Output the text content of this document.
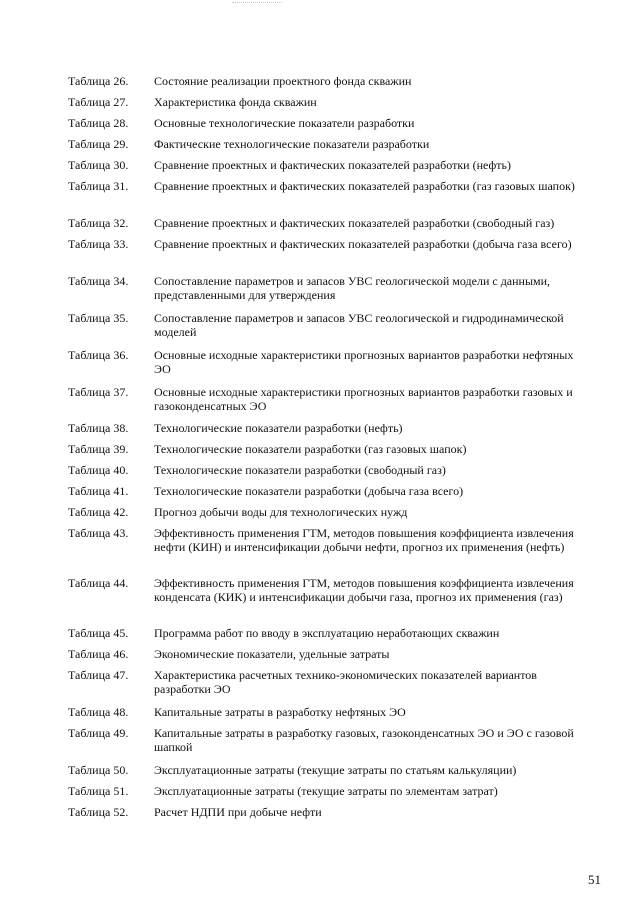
Таблица 26.	Состояние реализации проектного фонда скважин
Таблица 27.	Характеристика фонда скважин
Таблица 28.	Основные технологические показатели разработки
Таблица 29.	Фактические технологические показатели разработки
Таблица 30.	Сравнение проектных и фактических показателей разработки (нефть)
Таблица 31.	Сравнение проектных и фактических показателей разработки (газ газовых шапок)
Таблица 32.	Сравнение проектных и фактических показателей разработки (свободный газ)
Таблица 33.	Сравнение проектных и фактических показателей разработки (добыча газа всего)
Таблица 34.	Сопоставление параметров и запасов УВС геологической модели с данными, представленными для утверждения
Таблица 35.	Сопоставление параметров и запасов УВС геологической и гидродинамической моделей
Таблица 36.	Основные исходные характеристики прогнозных вариантов разработки нефтяных ЭО
Таблица 37.	Основные исходные характеристики прогнозных вариантов разработки газовых и газоконденсатных ЭО
Таблица 38.	Технологические показатели разработки (нефть)
Таблица 39.	Технологические показатели разработки (газ газовых шапок)
Таблица 40.	Технологические показатели разработки (свободный газ)
Таблица 41.	Технологические показатели разработки (добыча газа всего)
Таблица 42.	Прогноз добычи воды для технологических нужд
Таблица 43.	Эффективность применения ГТМ, методов повышения коэффициента извлечения нефти (КИН) и интенсификации добычи нефти, прогноз их применения (нефть)
Таблица 44.	Эффективность применения ГТМ, методов повышения коэффициента извлечения конденсата (КИК) и интенсификации добычи газа, прогноз их применения (газ)
Таблица 45.	Программа работ по вводу в эксплуатацию неработающих скважин
Таблица 46.	Экономические показатели, удельные затраты
Таблица 47.	Характеристика расчетных технико-экономических показателей вариантов разработки ЭО
Таблица 48.	Капитальные затраты в разработку нефтяных ЭО
Таблица 49.	Капитальные затраты в разработку газовых, газоконденсатных ЭО и ЭО с газовой шапкой
Таблица 50.	Эксплуатационные затраты (текущие затраты по статьям калькуляции)
Таблица 51.	Эксплуатационные затраты (текущие затраты по элементам затрат)
Таблица 52.	Расчет НДПИ при добыче нефти
51
